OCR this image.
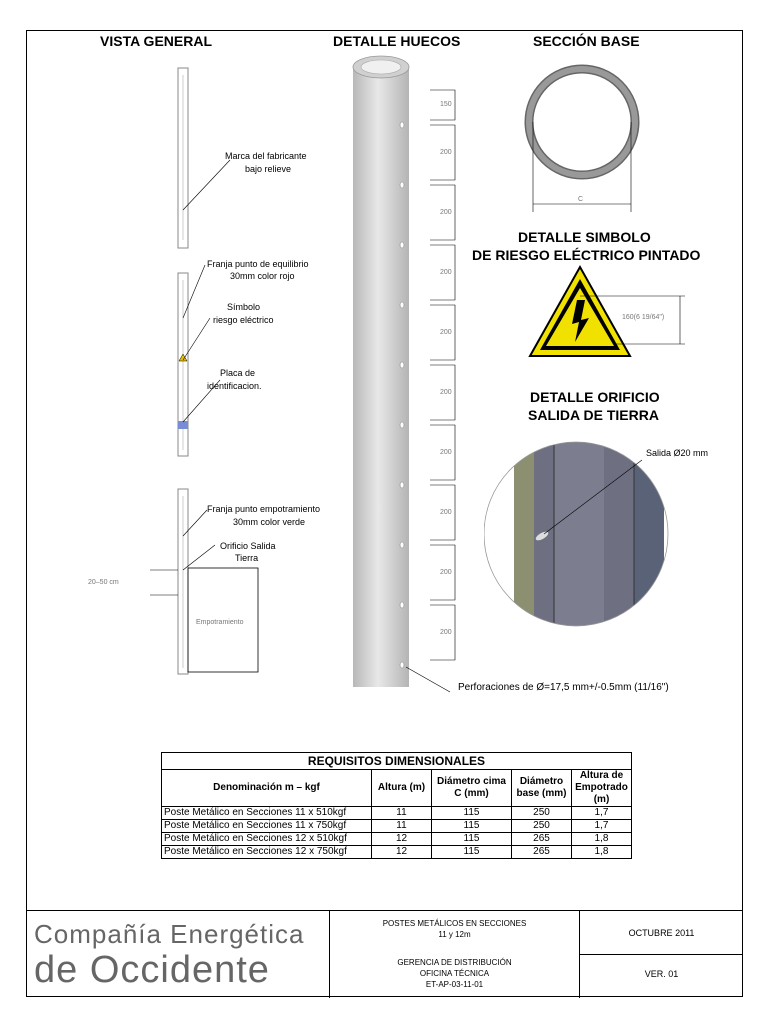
VISTA GENERAL	DETALLE HUECOS	SECCIÓN BASE
Marca del fabricante
bajo relieve
Franja punto de equilibrio
30mm color rojo
Símbolo
riesgo eléctrico
Placa de
identificacion.
Franja punto empotramiento
30mm color verde
Orificio Salida
Tierra
20–50 cm
Empotramiento
150
200
200
200
200
200
200
200
200
200
Perforaciones de Ø=17,5 mm+/-0.5mm (11/16")
C
DETALLE SIMBOLO
DE RIESGO ELÉCTRICO PINTADO
160(6 19/64")
DETALLE ORIFICIO
SALIDA DE TIERRA
Salida Ø20 mm
REQUISITOS DIMENSIONALES				
Denominación m – kgf	Altura (m)	Diámetro cima C (mm)	Diámetro base (mm)	Altura de Empotrado (m)
Poste Metálico en Secciones 11 x 510kgf	11	115	250	1,7
Poste Metálico en Secciones 11 x 750kgf	11	115	250	1,7
Poste Metálico en Secciones 12 x 510kgf	12	115	265	1,8
Poste Metálico en Secciones 12 x 750kgf	12	115	265	1,8
Compañía Energética
de Occidente
POSTES METÁLICOS EN SECCIONES
11 y 12m
GERENCIA DE DISTRIBUCIÓN
OFICINA TÉCNICA
ET-AP-03-11-01
OCTUBRE 2011
VER. 01
